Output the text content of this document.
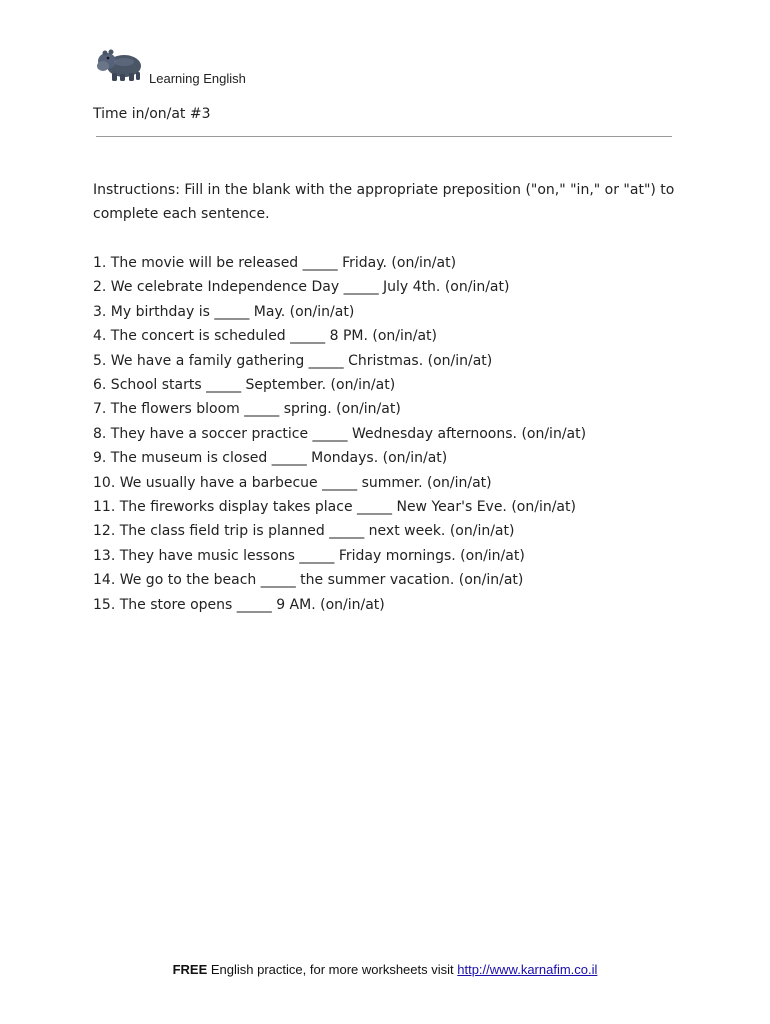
Learning English
Time in/on/at #3
Instructions: Fill in the blank with the appropriate preposition ("on," "in," or "at") to complete each sentence.
1. The movie will be released _____ Friday. (on/in/at)
2. We celebrate Independence Day _____ July 4th. (on/in/at)
3. My birthday is _____ May. (on/in/at)
4. The concert is scheduled _____ 8 PM. (on/in/at)
5. We have a family gathering _____ Christmas. (on/in/at)
6. School starts _____ September. (on/in/at)
7. The flowers bloom _____ spring. (on/in/at)
8. They have a soccer practice _____ Wednesday afternoons. (on/in/at)
9. The museum is closed _____ Mondays. (on/in/at)
10. We usually have a barbecue _____ summer. (on/in/at)
11. The fireworks display takes place _____ New Year's Eve. (on/in/at)
12. The class field trip is planned _____ next week. (on/in/at)
13. They have music lessons _____ Friday mornings. (on/in/at)
14. We go to the beach _____ the summer vacation. (on/in/at)
15. The store opens _____ 9 AM. (on/in/at)
FREE English practice, for more worksheets visit http://www.karnafim.co.il
